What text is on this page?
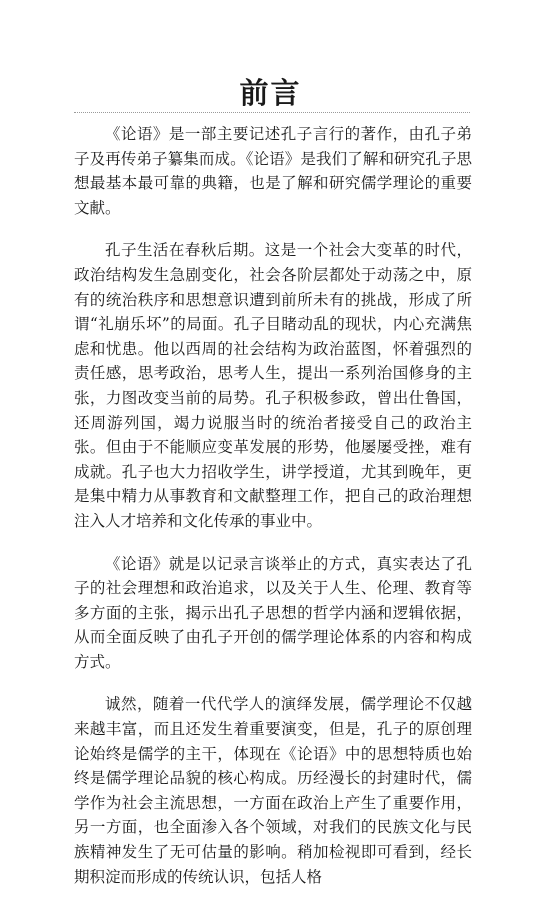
前言

《论语》是一部主要记述孔子言行的著作，由孔子弟子及再传弟子纂集而成。《论语》是我们了解和研究孔子思想最基本最可靠的典籍，也是了解和研究儒学理论的重要文献。

孔子生活在春秋后期。这是一个社会大变革的时代，政治结构发生急剧变化，社会各阶层都处于动荡之中，原有的统治秩序和思想意识遭到前所未有的挑战，形成了所谓“礼崩乐坏”的局面。孔子目睹动乱的现状，内心充满焦虑和忧患。他以西周的社会结构为政治蓝图，怀着强烈的责任感，思考政治，思考人生，提出一系列治国修身的主张，力图改变当前的局势。孔子积极参政，曾出仕鲁国，还周游列国，竭力说服当时的统治者接受自己的政治主张。但由于不能顺应变革发展的形势，他屡屡受挫，难有成就。孔子也大力招收学生，讲学授道，尤其到晚年，更是集中精力从事教育和文献整理工作，把自己的政治理想注入人才培养和文化传承的事业中。

《论语》就是以记录言谈举止的方式，真实表达了孔子的社会理想和政治追求，以及关于人生、伦理、教育等多方面的主张，揭示出孔子思想的哲学内涵和逻辑依据，从而全面反映了由孔子开创的儒学理论体系的内容和构成方式。

诚然，随着一代代学人的演绎发展，儒学理论不仅越来越丰富，而且还发生着重要演变，但是，孔子的原创理论始终是儒学的主干，体现在《论语》中的思想特质也始终是儒学理论品貌的核心构成。历经漫长的封建时代，儒学作为社会主流思想，一方面在政治上产生了重要作用，另一方面，也全面渗入各个领域，对我们的民族文化与民族精神发生了无可估量的影响。稍加检视即可看到，经长期积淀而形成的传统认识，包括人格
